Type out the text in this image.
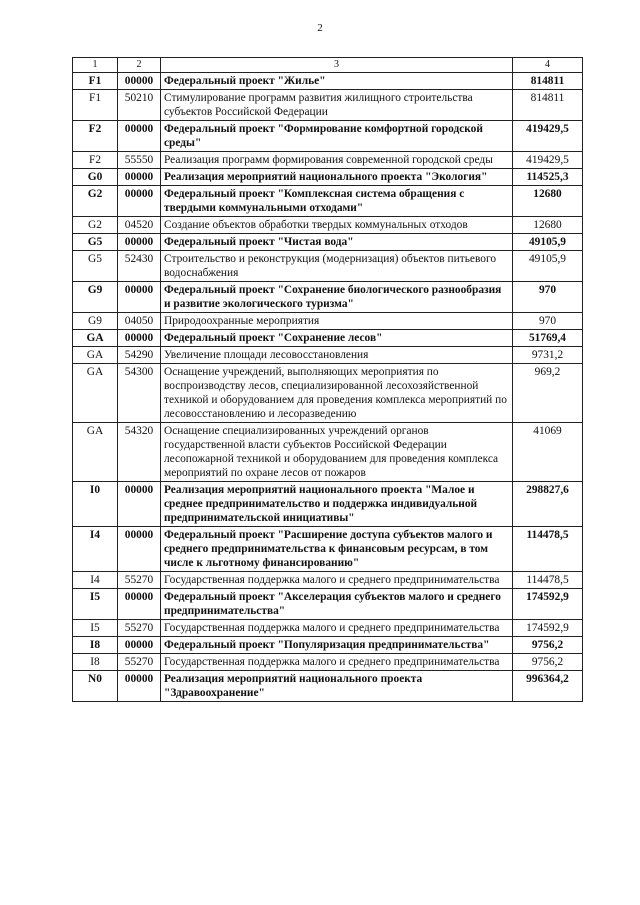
2
1	2	3	4
F1	00000	Федеральный проект "Жилье"	814811
F1	50210	Стимулирование программ развития жилищного строительства субъектов Российской Федерации	814811
F2	00000	Федеральный проект "Формирование комфортной городской среды"	419429,5
F2	55550	Реализация программ формирования современной городской среды	419429,5
G0	00000	Реализация мероприятий национального проекта "Экология"	114525,3
G2	00000	Федеральный проект "Комплексная система обращения с твердыми коммунальными отходами"	12680
G2	04520	Создание объектов обработки твердых коммунальных отходов	12680
G5	00000	Федеральный проект "Чистая вода"	49105,9
G5	52430	Строительство и реконструкция (модернизация) объектов питьевого водоснабжения	49105,9
G9	00000	Федеральный проект "Сохранение биологического разнообразия и развитие экологического туризма"	970
G9	04050	Природоохранные мероприятия	970
GA	00000	Федеральный проект "Сохранение лесов"	51769,4
GA	54290	Увеличение площади лесовосстановления	9731,2
GA	54300	Оснащение учреждений, выполняющих мероприятия по воспроизводству лесов, специализированной лесохозяйственной техникой и оборудованием для проведения комплекса мероприятий по лесовосстановлению и лесоразведению	969,2
GA	54320	Оснащение специализированных учреждений органов государственной власти субъектов Российской Федерации лесопожарной техникой и оборудованием для проведения комплекса мероприятий по охране лесов от пожаров	41069
I0	00000	Реализация мероприятий национального проекта "Малое и среднее предпринимательство и поддержка индивидуальной предпринимательской инициативы"	298827,6
I4	00000	Федеральный проект "Расширение доступа субъектов малого и среднего предпринимательства к финансовым ресурсам, в том числе к льготному финансированию"	114478,5
I4	55270	Государственная поддержка малого и среднего предпринимательства	114478,5
I5	00000	Федеральный проект "Акселерация субъектов малого и среднего предпринимательства"	174592,9
I5	55270	Государственная поддержка малого и среднего предпринимательства	174592,9
I8	00000	Федеральный проект "Популяризация предпринимательства"	9756,2
I8	55270	Государственная поддержка малого и среднего предпринимательства	9756,2
N0	00000	Реализация мероприятий национального проекта "Здравоохранение"	996364,2
